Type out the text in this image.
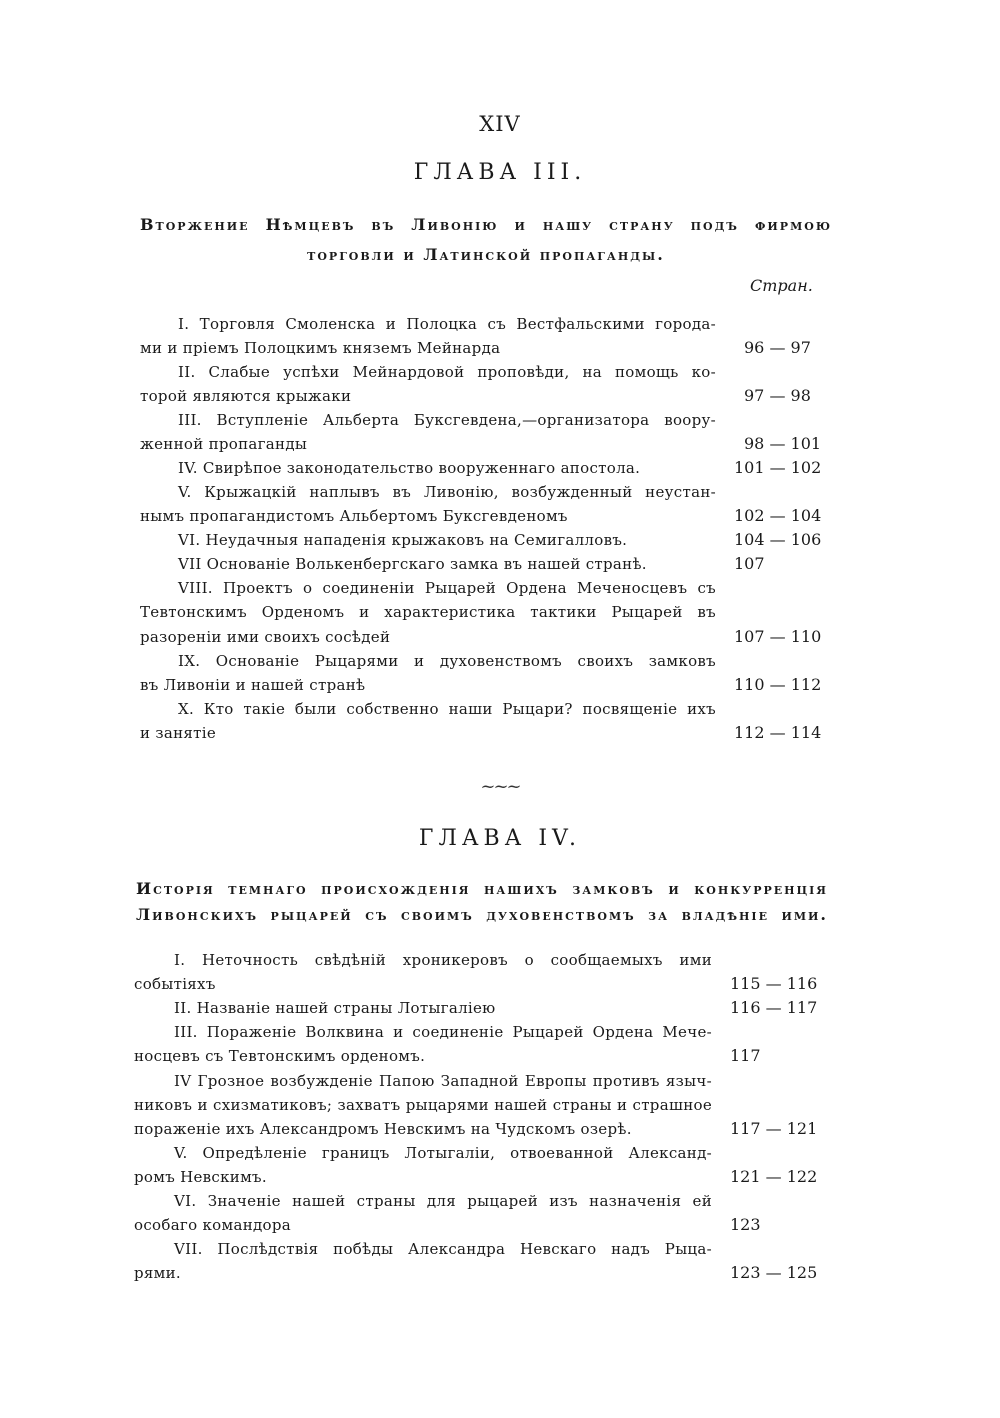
XIV
ГЛАВА III.
Вторжение Нѣмцевъ въ Ливонію и нашу страну подъ фирмою
торговли и Латинской пропаганды.
Стран.
I. Торговля Смоленска и Полоцка съ Вестфальскими города-
ми и пріемъ Полоцкимъ княземъ Мейнарда	96 — 97
II. Слабые успѣхи Мейнардовой проповѣди, на помощь ко-
торой являются крыжаки	97 — 98
III. Вступленіе Альберта Буксгевдена,—организатора воору-
женной пропаганды	98 — 101
IV. Свирѣпое законодательство вооруженнаго апостола.	101 — 102
V. Крыжацкій наплывъ въ Ливонію, возбужденный неустан-
нымъ пропагандистомъ Альбертомъ Буксгевденомъ	102 — 104
VI. Неудачныя нападенія крыжаковъ на Семигалловъ.	104 — 106
VII Основаніе Волькенбергскаго замка въ нашей странѣ.	107
VIII. Проектъ о соединеніи Рыцарей Ордена Меченосцевъ съ
Тевтонскимъ Орденомъ и характеристика тактики Рыцарей въ
разореніи ими своихъ сосѣдей	107 — 110
IX. Основаніе Рыцарями и духовенствомъ своихъ замковъ
въ Ливоніи и нашей странѣ	110 — 112
X. Кто такіе были собственно наши Рыцари? посвященіе ихъ
и занятіе	112 — 114
~~~
ГЛАВА IV.
Исторія темнаго происхожденія нашихъ замковъ и конкурренція
Ливонскихъ рыцарей съ своимъ духовенствомъ за владѣніе ими.
I. Неточность свѣдѣній хроникеровъ о сообщаемыхъ ими
событіяхъ	115 — 116
II. Названіе нашей страны Лотыгаліею	116 — 117
III. Пораженіе Волквина и соединеніе Рыцарей Ордена Мече-
носцевъ съ Тевтонскимъ орденомъ.	117
IV Грозное возбужденіе Папою Западной Европы противъ языч-
никовъ и схизматиковъ; захватъ рыцарями нашей страны и страшное
пораженіе ихъ Александромъ Невскимъ на Чудскомъ озерѣ.	117 — 121
V. Опредѣленіе границъ Лотыгаліи, отвоеванной Александ-
ромъ Невскимъ.	121 — 122
VI. Значеніе нашей страны для рыцарей изъ назначенія ей
особаго командора	123
VII. Послѣдствія побѣды Александра Невскаго надъ Рыца-
рями.	123 — 125
